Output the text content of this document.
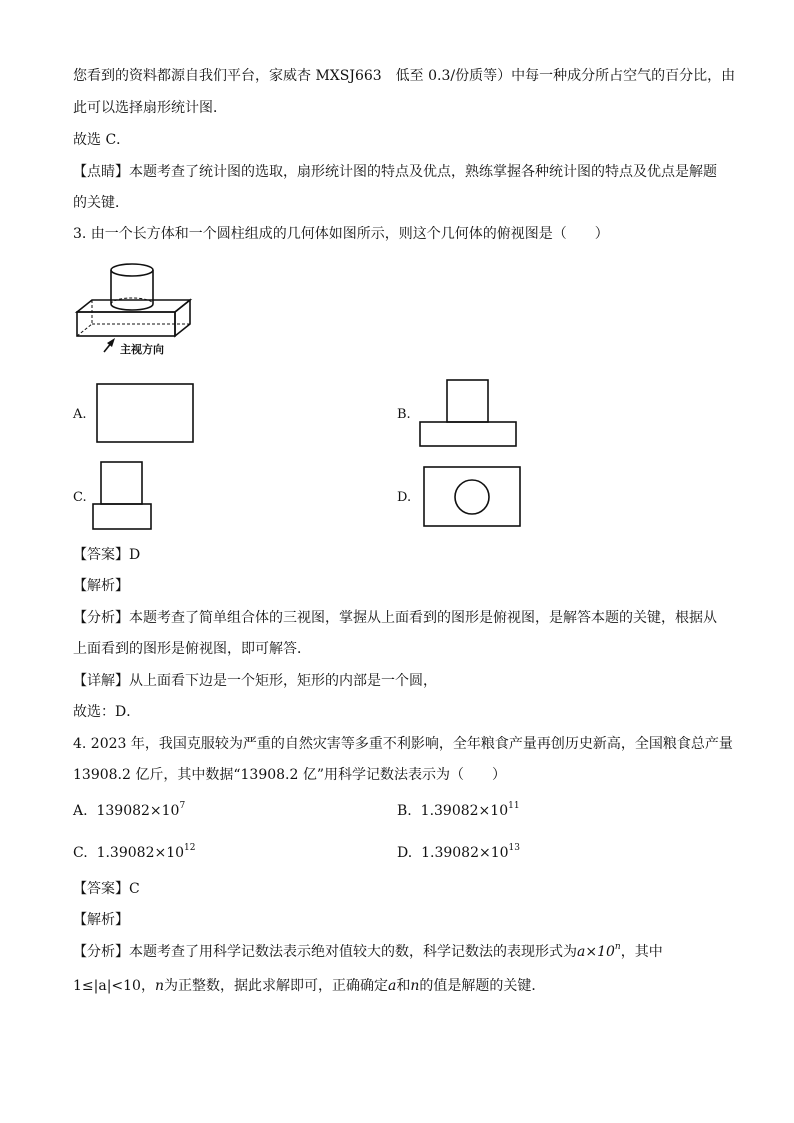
您看到的资料都源自我们平台，家威杏 MXSJ663　低至 0.3/份质等）中每一种成分所占空气的百分比，由
此可以选择扇形统计图．
故选 C．
【点睛】本题考查了统计图的选取，扇形统计图的特点及优点，熟练掌握各种统计图的特点及优点是解题
的关键．
3. 由一个长方体和一个圆柱组成的几何体如图所示，则这个几何体的俯视图是（　　）
主视方向
A.	B.
C.	D.
【答案】D
【解析】
【分析】本题考查了简单组合体的三视图，掌握从上面看到的图形是俯视图，是解答本题的关键，根据从
上面看到的图形是俯视图，即可解答．
【详解】从上面看下边是一个矩形，矩形的内部是一个圆，
故选：D．
4. 2023 年，我国克服较为严重的自然灾害等多重不利影响，全年粮食产量再创历史新高，全国粮食总产量
13908.2 亿斤，其中数据“13908.2 亿”用科学记数法表示为（　　）
A. $139082\times 10^7$	B. $1.39082\times 10^{11}$
C. $1.39082\times 10^{12}$	D. $1.39082\times 10^{13}$
【答案】C
【解析】
【分析】本题考查了用科学记数法表示绝对值较大的数，科学记数法的表现形式为$a\times 10^n$，其中
1≤|a|<10，n为正整数，据此求解即可，正确确定a和n的值是解题的关键．
